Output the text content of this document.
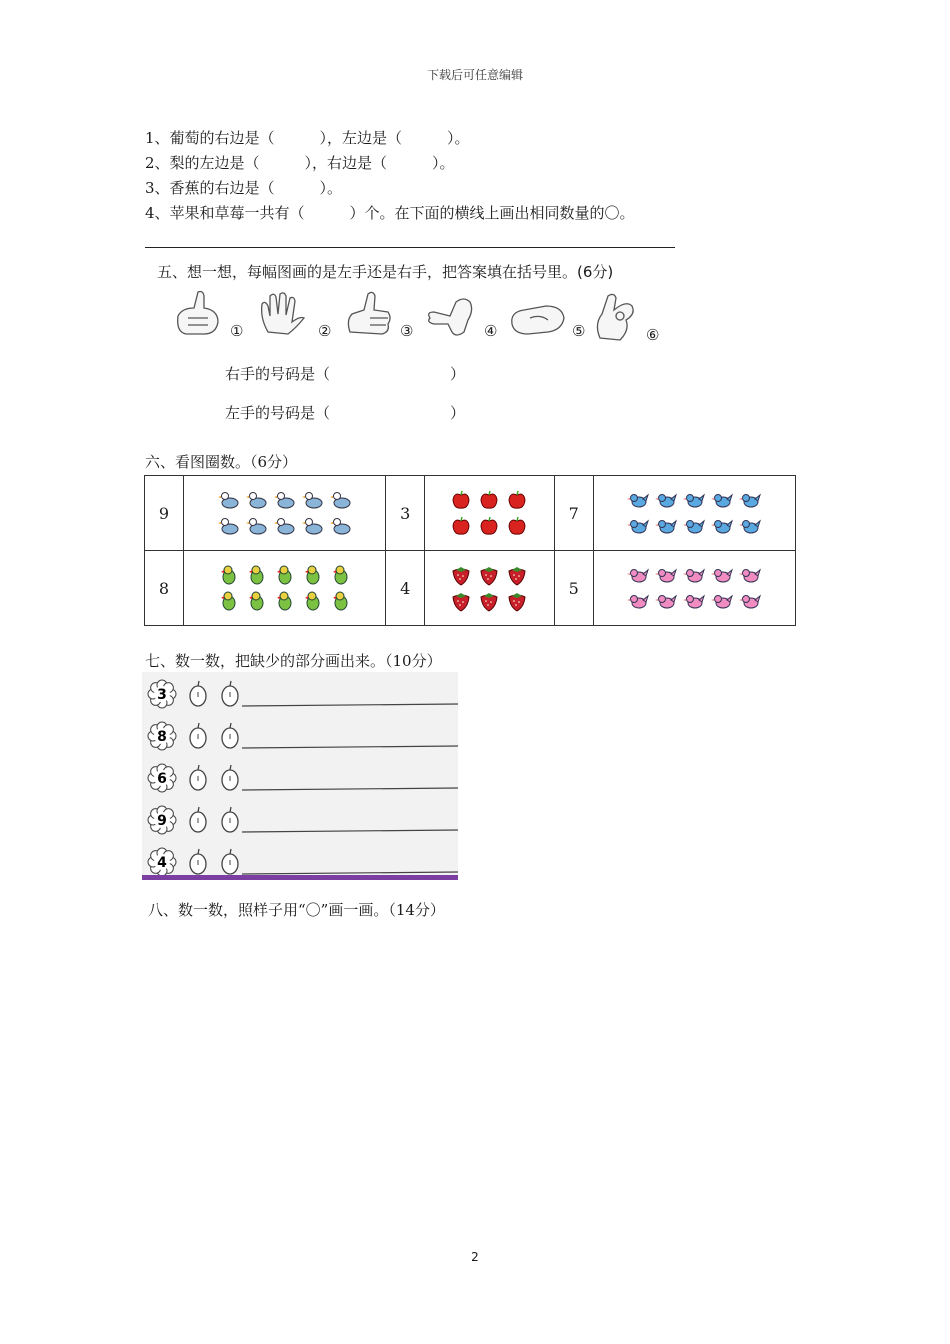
下载后可任意编辑
1、葡萄的右边是（　　　），左边是（　　　）。
2、梨的左边是（　　　），右边是（　　　）。
3、香蕉的右边是（　　　）。
4、苹果和草莓一共有（　　　）个。在下面的横线上画出相同数量的〇。
五、想一想，每幅图画的是左手还是右手，把答案填在括号里。(6分)
①	②	③	④	⑤	⑥
右手的号码是（　　　　　　　　）
左手的号码是（　　　　　　　　）
六、看图圈数。（6分）
9		3		7	

8		4		5	
七、数一数，把缺少的部分画出来。（10分）
3
8
6
9
4
八、数一数，照样子用“〇”画一画。（14分）
2
